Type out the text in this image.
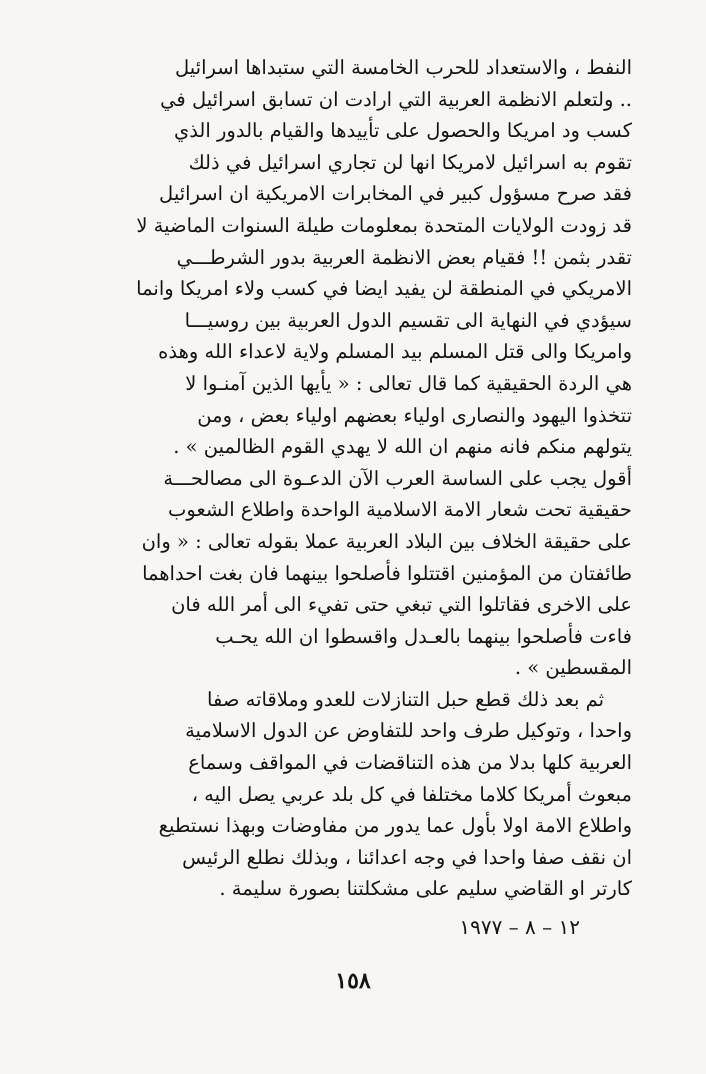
النفط ، والاستعداد للحرب الخامسة التي ستبداها اسرائيل
.. ولتعلم الانظمة العربية التي ارادت ان تسابق اسرائيل في
كسب ود امريكا والحصول على تأييدها والقيام بالدور الذي
تقوم به اسرائيل لامريكا انها لن تجاري اسرائيل في ذلك
فقد صرح مسؤول كبير في المخابرات الامريكية ان اسرائيل
قد زودت الولايات المتحدة بمعلومات طيلة السنوات الماضية لا
تقدر بثمن !! فقيام بعض الانظمة العربية بدور الشرطـــي
الامريكي في المنطقة لن يفيد ايضا في كسب ولاء امريكا وانما
سيؤدي في النهاية الى تقسيم الدول العربية بين روسيـــا
وامريكا والى قتل المسلم بيد المسلم ولاية لاعداء الله وهذه
هي الردة الحقيقية كما قال تعالى : « يأيها الذين آمنـوا لا
تتخذوا اليهود والنصارى اولياء بعضهم اولياء بعض ، ومن
يتولهم منكم فانه منهم ان الله لا يهدي القوم الظالمين » .
أقول يجب على الساسة العرب الآن الدعـوة الى مصالحـــة
حقيقية تحت شعار الامة الاسلامية الواحدة واطلاع الشعوب
على حقيقة الخلاف بين البلاد العربية عملا بقوله تعالى : « وان
طائفتان من المؤمنين اقتتلوا فأصلحوا بينهما فان بغت احداهما
على الاخرى فقاتلوا التي تبغي حتى تفيء الى أمر الله فان
فاءت فأصلحوا بينهما بالعـدل واقسطوا ان الله يحـب
المقسطين » .
ثم بعد ذلك قطع حبل التنازلات للعدو وملاقاته صفا
واحدا ، وتوكيل طرف واحد للتفاوض عن الدول الاسلامية
العربية كلها بدلا من هذه التناقضات في المواقف وسماع
مبعوث أمريكا كلاما مختلفا في كل بلد عربي يصل اليه ،
واطلاع الامة اولا بأول عما يدور من مفاوضات وبهذا نستطيع
ان نقف صفا واحدا في وجه اعدائنا ، وبذلك نطلع الرئيس
كارتر او القاضي سليم على مشكلتنا بصورة سليمة .
١٢ – ٨ – ١٩٧٧
١٥٨
